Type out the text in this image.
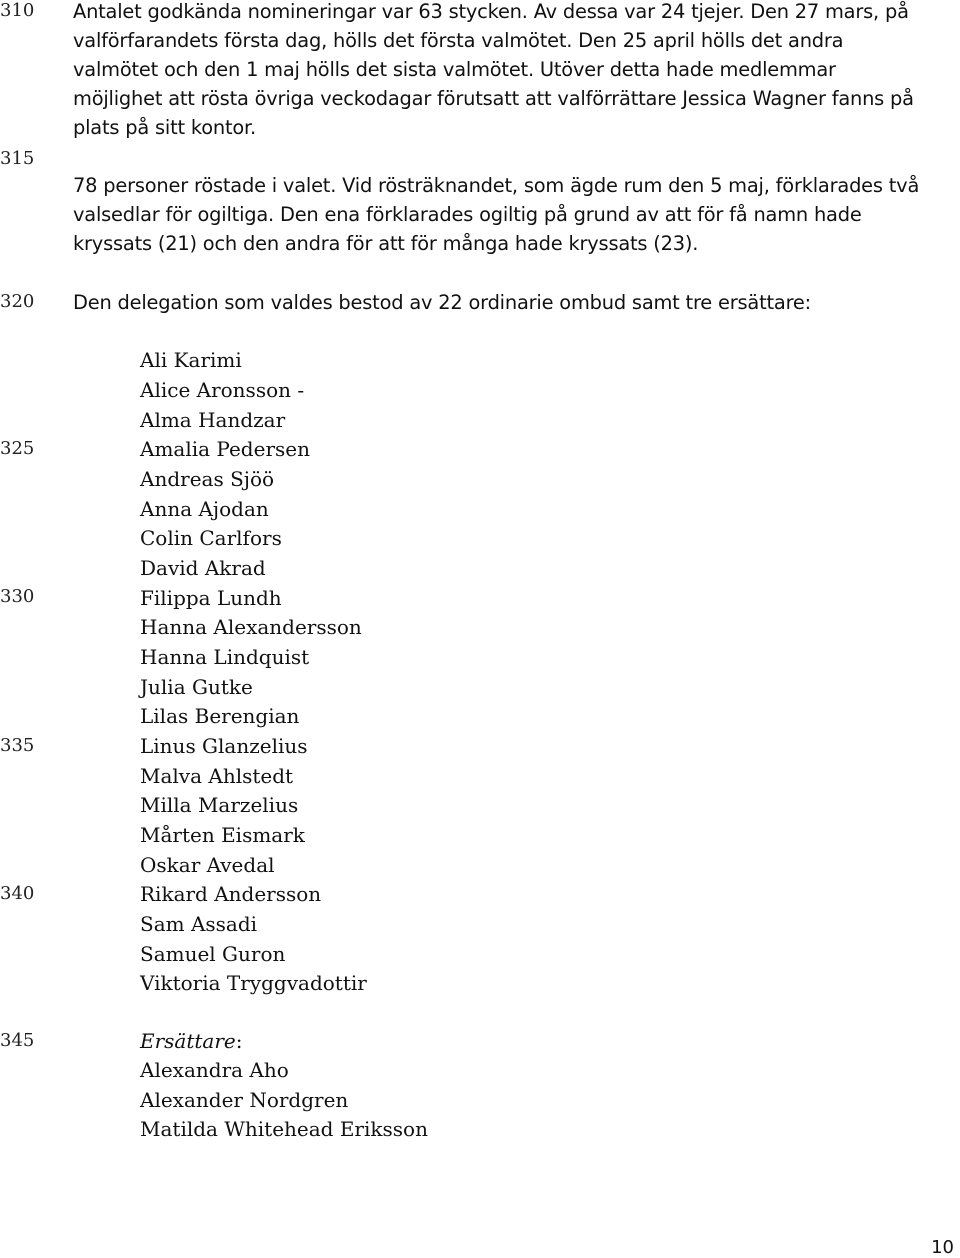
310
315
320
325
330
335
340
345
Antalet godkända nomineringar var 63 stycken. Av dessa var 24 tjejer. Den 27 mars, på
valförfarandets första dag, hölls det första valmötet. Den 25 april hölls det andra
valmötet och den 1 maj hölls det sista valmötet. Utöver detta hade medlemmar
möjlighet att rösta övriga veckodagar förutsatt att valförrättare Jessica Wagner fanns på
plats på sitt kontor.
78 personer röstade i valet. Vid rösträknandet, som ägde rum den 5 maj, förklarades två
valsedlar för ogiltiga. Den ena förklarades ogiltig på grund av att för få namn hade
kryssats (21) och den andra för att för många hade kryssats (23).
Den delegation som valdes bestod av 22 ordinarie ombud samt tre ersättare:
Ali Karimi
Alice Aronsson -
Alma Handzar
Amalia Pedersen
Andreas Sjöö
Anna Ajodan
Colin Carlfors
David Akrad
Filippa Lundh
Hanna Alexandersson
Hanna Lindquist
Julia Gutke
Lilas Berengian
Linus Glanzelius
Malva Ahlstedt
Milla Marzelius
Mårten Eismark
Oskar Avedal
Rikard Andersson
Sam Assadi
Samuel Guron
Viktoria Tryggvadottir
Ersättare:
Alexandra Aho
Alexander Nordgren
Matilda Whitehead Eriksson
10
